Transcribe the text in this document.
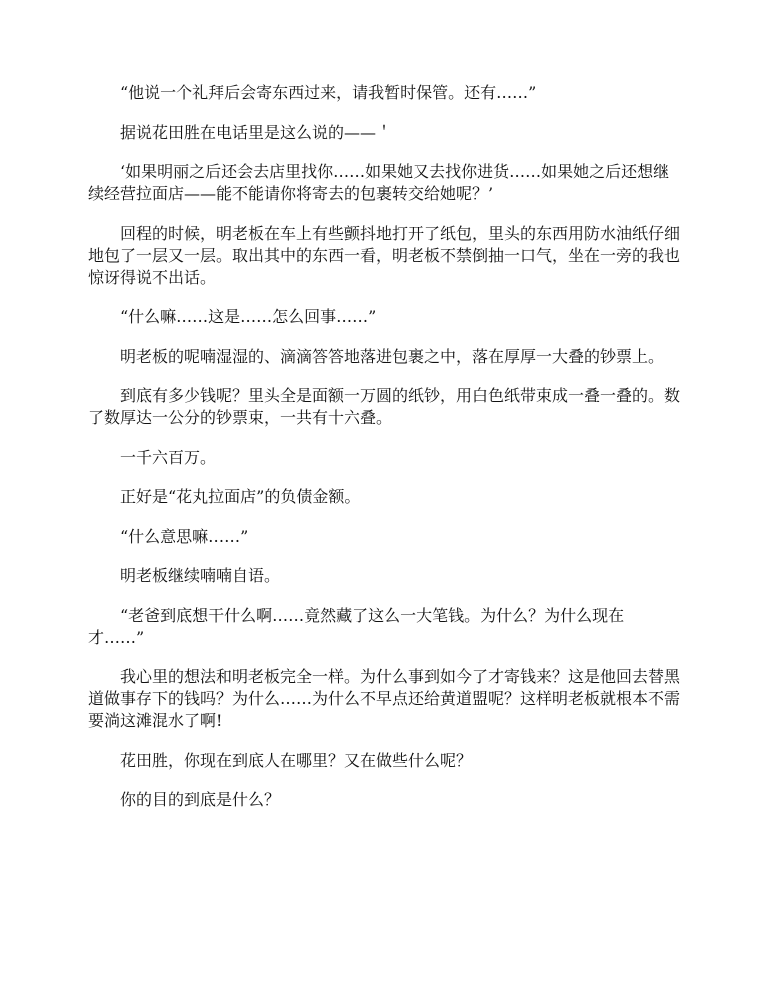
“他说一个礼拜后会寄东西过来，请我暂时保管。还有……”

据说花田胜在电话里是这么说的——＇

‘如果明丽之后还会去店里找你……如果她又去找你进货……如果她之后还想继续经营拉面店——能不能请你将寄去的包裹转交给她呢？’

回程的时候，明老板在车上有些颤抖地打开了纸包，里头的东西用防水油纸仔细地包了一层又一层。取出其中的东西一看，明老板不禁倒抽一口气，坐在一旁的我也惊讶得说不出话。

“什么嘛……这是……怎么回事……”

明老板的呢喃湿湿的、滴滴答答地落进包裹之中，落在厚厚一大叠的钞票上。

到底有多少钱呢？里头全是面额一万圆的纸钞，用白色纸带束成一叠一叠的。数了数厚达一公分的钞票束，一共有十六叠。

一千六百万。

正好是“花丸拉面店”的负债金额。

“什么意思嘛……”

明老板继续喃喃自语。

“老爸到底想干什么啊……竟然藏了这么一大笔钱。为什么？为什么现在才……”

我心里的想法和明老板完全一样。为什么事到如今了才寄钱来？这是他回去替黑道做事存下的钱吗？为什么……为什么不早点还给黄道盟呢？这样明老板就根本不需要淌这滩混水了啊!

花田胜，你现在到底人在哪里？又在做些什么呢？

你的目的到底是什么？
